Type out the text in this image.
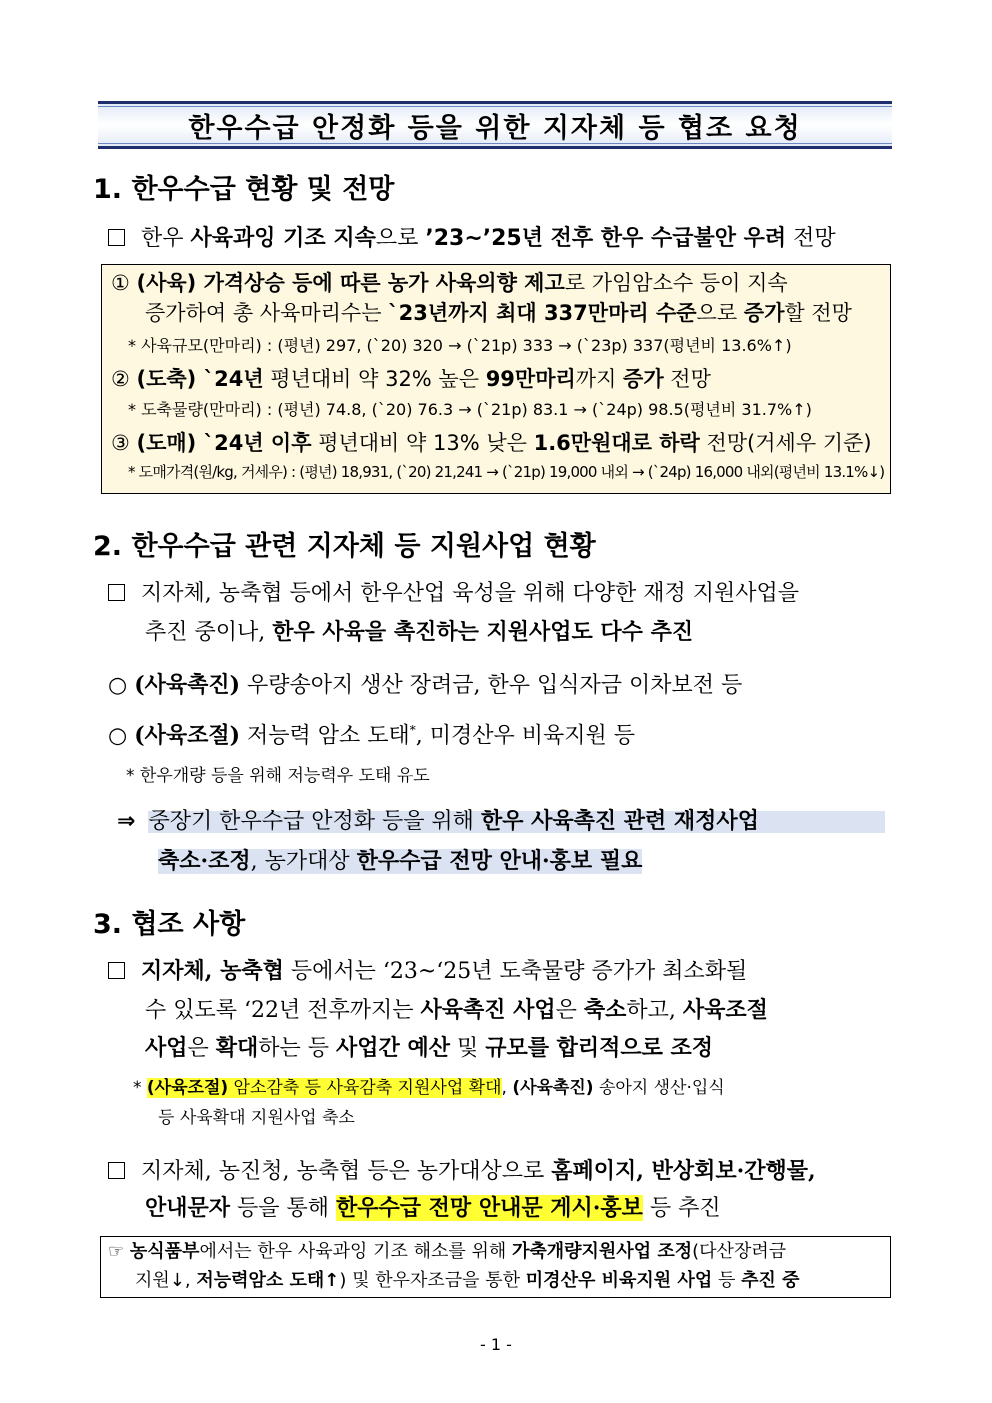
한우수급 안정화 등을 위한 지자체 등 협조 요청
1. 한우수급 현황 및 전망
한우 사육과잉 기조 지속으로 ’23~’25년 전후 한우 수급불안 우려 전망
① (사육) 가격상승 등에 따른 농가 사육의향 제고로 가임암소수 등이 지속
증가하여 총 사육마리수는 `23년까지 최대 337만마리 수준으로 증가할 전망
* 사육규모(만마리) : (평년) 297, (`20) 320 → (`21p) 333 → (`23p) 337(평년비 13.6%↑)
② (도축) `24년 평년대비 약 32% 높은 99만마리까지 증가 전망
* 도축물량(만마리) : (평년) 74.8, (`20) 76.3 → (`21p) 83.1 → (`24p) 98.5(평년비 31.7%↑)
③ (도매) `24년 이후 평년대비 약 13% 낮은 1.6만원대로 하락 전망(거세우 기준)
* 도매가격(원/kg, 거세우) : (평년) 18,931, (`20) 21,241 → (`21p) 19,000 내외 → (`24p) 16,000 내외(평년비 13.1%↓)
2. 한우수급 관련 지자체 등 지원사업 현황
지자체, 농축협 등에서 한우산업 육성을 위해 다양한 재정 지원사업을
추진 중이나, 한우 사육을 촉진하는 지원사업도 다수 추진
○ (사육촉진) 우량송아지 생산 장려금, 한우 입식자금 이차보전 등
○ (사육조절) 저능력 암소 도태*, 미경산우 비육지원 등
* 한우개량 등을 위해 저능력우 도태 유도
⇒ 중장기 한우수급 안정화 등을 위해 한우 사육촉진 관련 재정사업
축소·조정, 농가대상 한우수급 전망 안내·홍보 필요
3. 협조 사항
지자체, 농축협 등에서는 ‘23~‘25년 도축물량 증가가 최소화될
수 있도록 ‘22년 전후까지는 사육촉진 사업은 축소하고, 사육조절
사업은 확대하는 등 사업간 예산 및 규모를 합리적으로 조정
* (사육조절) 암소감축 등 사육감축 지원사업 확대, (사육촉진) 송아지 생산·입식
등 사육확대 지원사업 축소
지자체, 농진청, 농축협 등은 농가대상으로 홈페이지, 반상회보·간행물,
안내문자 등을 통해 한우수급 전망 안내문 게시·홍보 등 추진
☞ 농식품부에서는 한우 사육과잉 기조 해소를 위해 가축개량지원사업 조정(다산장려금
지원↓, 저능력암소 도태↑) 및 한우자조금을 통한 미경산우 비육지원 사업 등 추진 중
- 1 -
